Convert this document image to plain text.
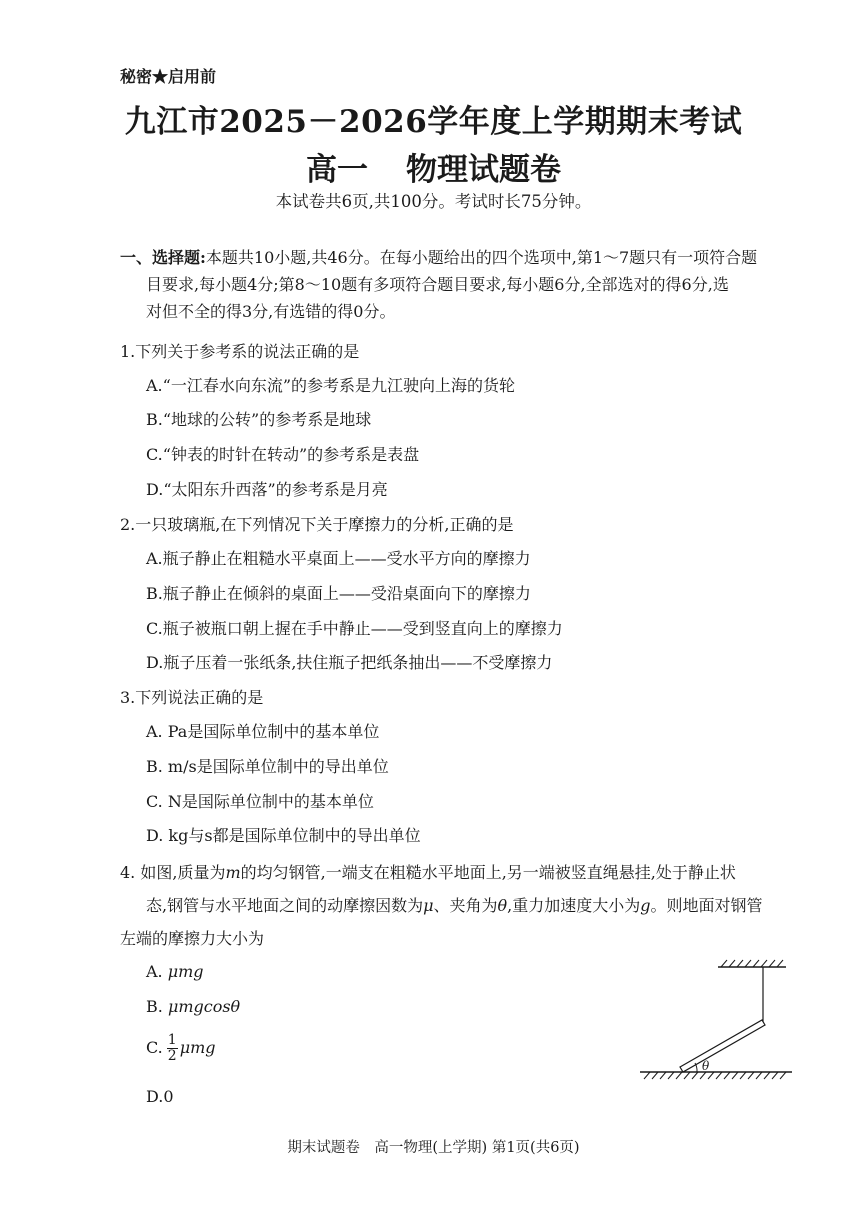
秘密★启用前
九江市2025－2026学年度上学期期末考试
高一 物理试题卷
本试卷共6页,共100分。考试时长75分钟。
一、选择题:本题共10小题,共46分。在每小题给出的四个选项中,第1～7题只有一项符合题
目要求,每小题4分;第8～10题有多项符合题目要求,每小题6分,全部选对的得6分,选
对但不全的得3分,有选错的得0分。
1.下列关于参考系的说法正确的是
A.“一江春水向东流”的参考系是九江驶向上海的货轮
B.“地球的公转”的参考系是地球
C.“钟表的时针在转动”的参考系是表盘
D.“太阳东升西落”的参考系是月亮
2.一只玻璃瓶,在下列情况下关于摩擦力的分析,正确的是
A.瓶子静止在粗糙水平桌面上——受水平方向的摩擦力
B.瓶子静止在倾斜的桌面上——受沿桌面向下的摩擦力
C.瓶子被瓶口朝上握在手中静止——受到竖直向上的摩擦力
D.瓶子压着一张纸条,扶住瓶子把纸条抽出——不受摩擦力
3.下列说法正确的是
A. Pa是国际单位制中的基本单位
B. m/s是国际单位制中的导出单位
C. N是国际单位制中的基本单位
D. kg与s都是国际单位制中的导出单位
4. 如图,质量为m的均匀钢管,一端支在粗糙水平地面上,另一端被竖直绳悬挂,处于静止状
态,钢管与水平地面之间的动摩擦因数为μ、夹角为θ,重力加速度大小为g。则地面对钢管
左端的摩擦力大小为
A. μmg
B. μmgcosθ
C. $\frac{1}{2}$ μmg
D.0
θ
期末试题卷　高一物理(上学期) 第1页(共6页)
